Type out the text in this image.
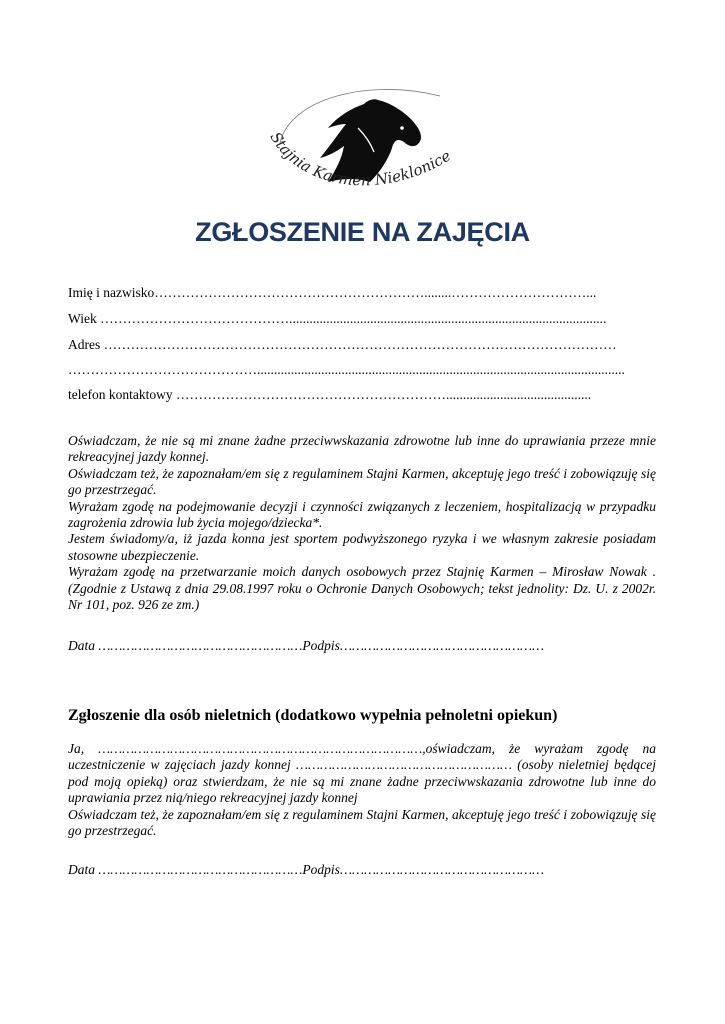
Stajnia Karmen Nieklonice
ZGŁOSZENIE NA ZAJĘCIA
Imię i nazwisko……………………………………………………........…………………………...
Wiek ……………………………………..............................................................................................
Adres ……………………………………………………………………………………………………
…………………………………….............................................................................................................
telefon kontaktowy ……………………………………………………...........................................

Oświadczam, że nie są mi znane żadne przeciwwskazania zdrowotne lub inne do uprawiania przeze mnie rekreacyjnej jazdy konnej.

Oświadczam też, że zapoznałam/em się z regulaminem Stajni Karmen, akceptuję jego treść i zobowiązuję się go przestrzegać.

Wyrażam zgodę na podejmowanie decyzji i czynności związanych z leczeniem, hospitalizacją w przypadku zagrożenia zdrowia lub życia mojego/dziecka*.

Jestem świadomy/a, iż jazda konna jest sportem podwyższonego ryzyka i we własnym zakresie posiadam stosowne ubezpieczenie.

Wyrażam zgodę na przetwarzanie moich danych osobowych przez Stajnię Karmen – Mirosław Nowak .(Zgodnie z Ustawą z dnia 29.08.1997 roku o Ochronie Danych Osobowych; tekst jednolity: Dz. U. z 2002r. Nr 101, poz. 926 ze zm.)

Data ……………………………………………Podpis……………………………………………
Zgłoszenie dla osób nieletnich (dodatkowo wypełnia pełnoletni opiekun)

Ja, ………………………………………………………………………,oświadczam, że wyrażam zgodę na uczestniczenie w zajęciach jazdy konnej ……………………………………………… (osoby nieletniej będącej pod moją opieką) oraz stwierdzam, że nie są mi znane żadne przeciwwskazania zdrowotne lub inne do uprawiania przez nią/niego rekreacyjnej jazdy konnej

Oświadczam też, że zapoznałam/em się z regulaminem Stajni Karmen, akceptuję jego treść i zobowiązuję się go przestrzegać.

Data ……………………………………………Podpis……………………………………………
